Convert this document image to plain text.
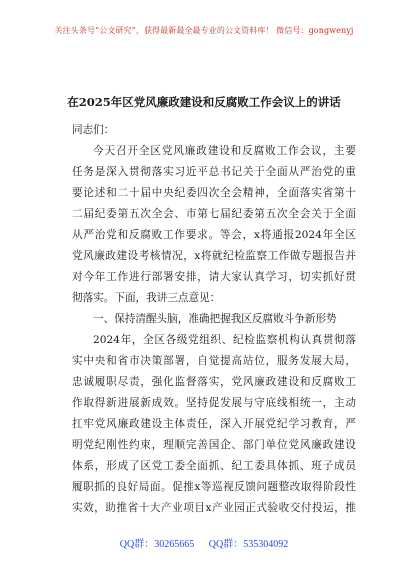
关注头条号“公文研究”，获得最新最全最专业的公文资料库！ 微信号：gongwenyj
在2025年区党风廉政建设和反腐败工作会议上的讲话
同志们：
今天召开全区党风廉政建设和反腐败工作会议，主要
任务是深入贯彻落实习近平总书记关于全面从严治党的重
要论述和二十届中央纪委四次全会精神，全面落实省第十
二届纪委第五次全会、市第七届纪委第五次全会关于全面
从严治党和反腐败工作要求。等会，x将通报2024年全区
党风廉政建设考核情况，x将就纪检监察工作做专题报告并
对今年工作进行部署安排，请大家认真学习，切实抓好贯
彻落实。下面，我讲三点意见：
一、保持清醒头脑，准确把握我区反腐败斗争新形势
2024年，全区各级党组织、纪检监察机构认真贯彻落
实中央和省市决策部署，自觉提高站位，服务发展大局，
忠诚履职尽责，强化监督落实，党风廉政建设和反腐败工
作取得新进展新成效。坚持促发展与守底线相统一，主动
扛牢党风廉政建设主体责任，深入开展党纪学习教育，严
明党纪刚性约束，理顺完善国企、部门单位党风廉政建设
体系，形成了区党工委全面抓、纪工委具体抓、班子成员
履职抓的良好局面。促推x等巡视反馈问题整改取得阶段性
实效，助推省十大产业项目x产业园正式验收交付投运，推
QQ群：30265665 QQ群：535304092
